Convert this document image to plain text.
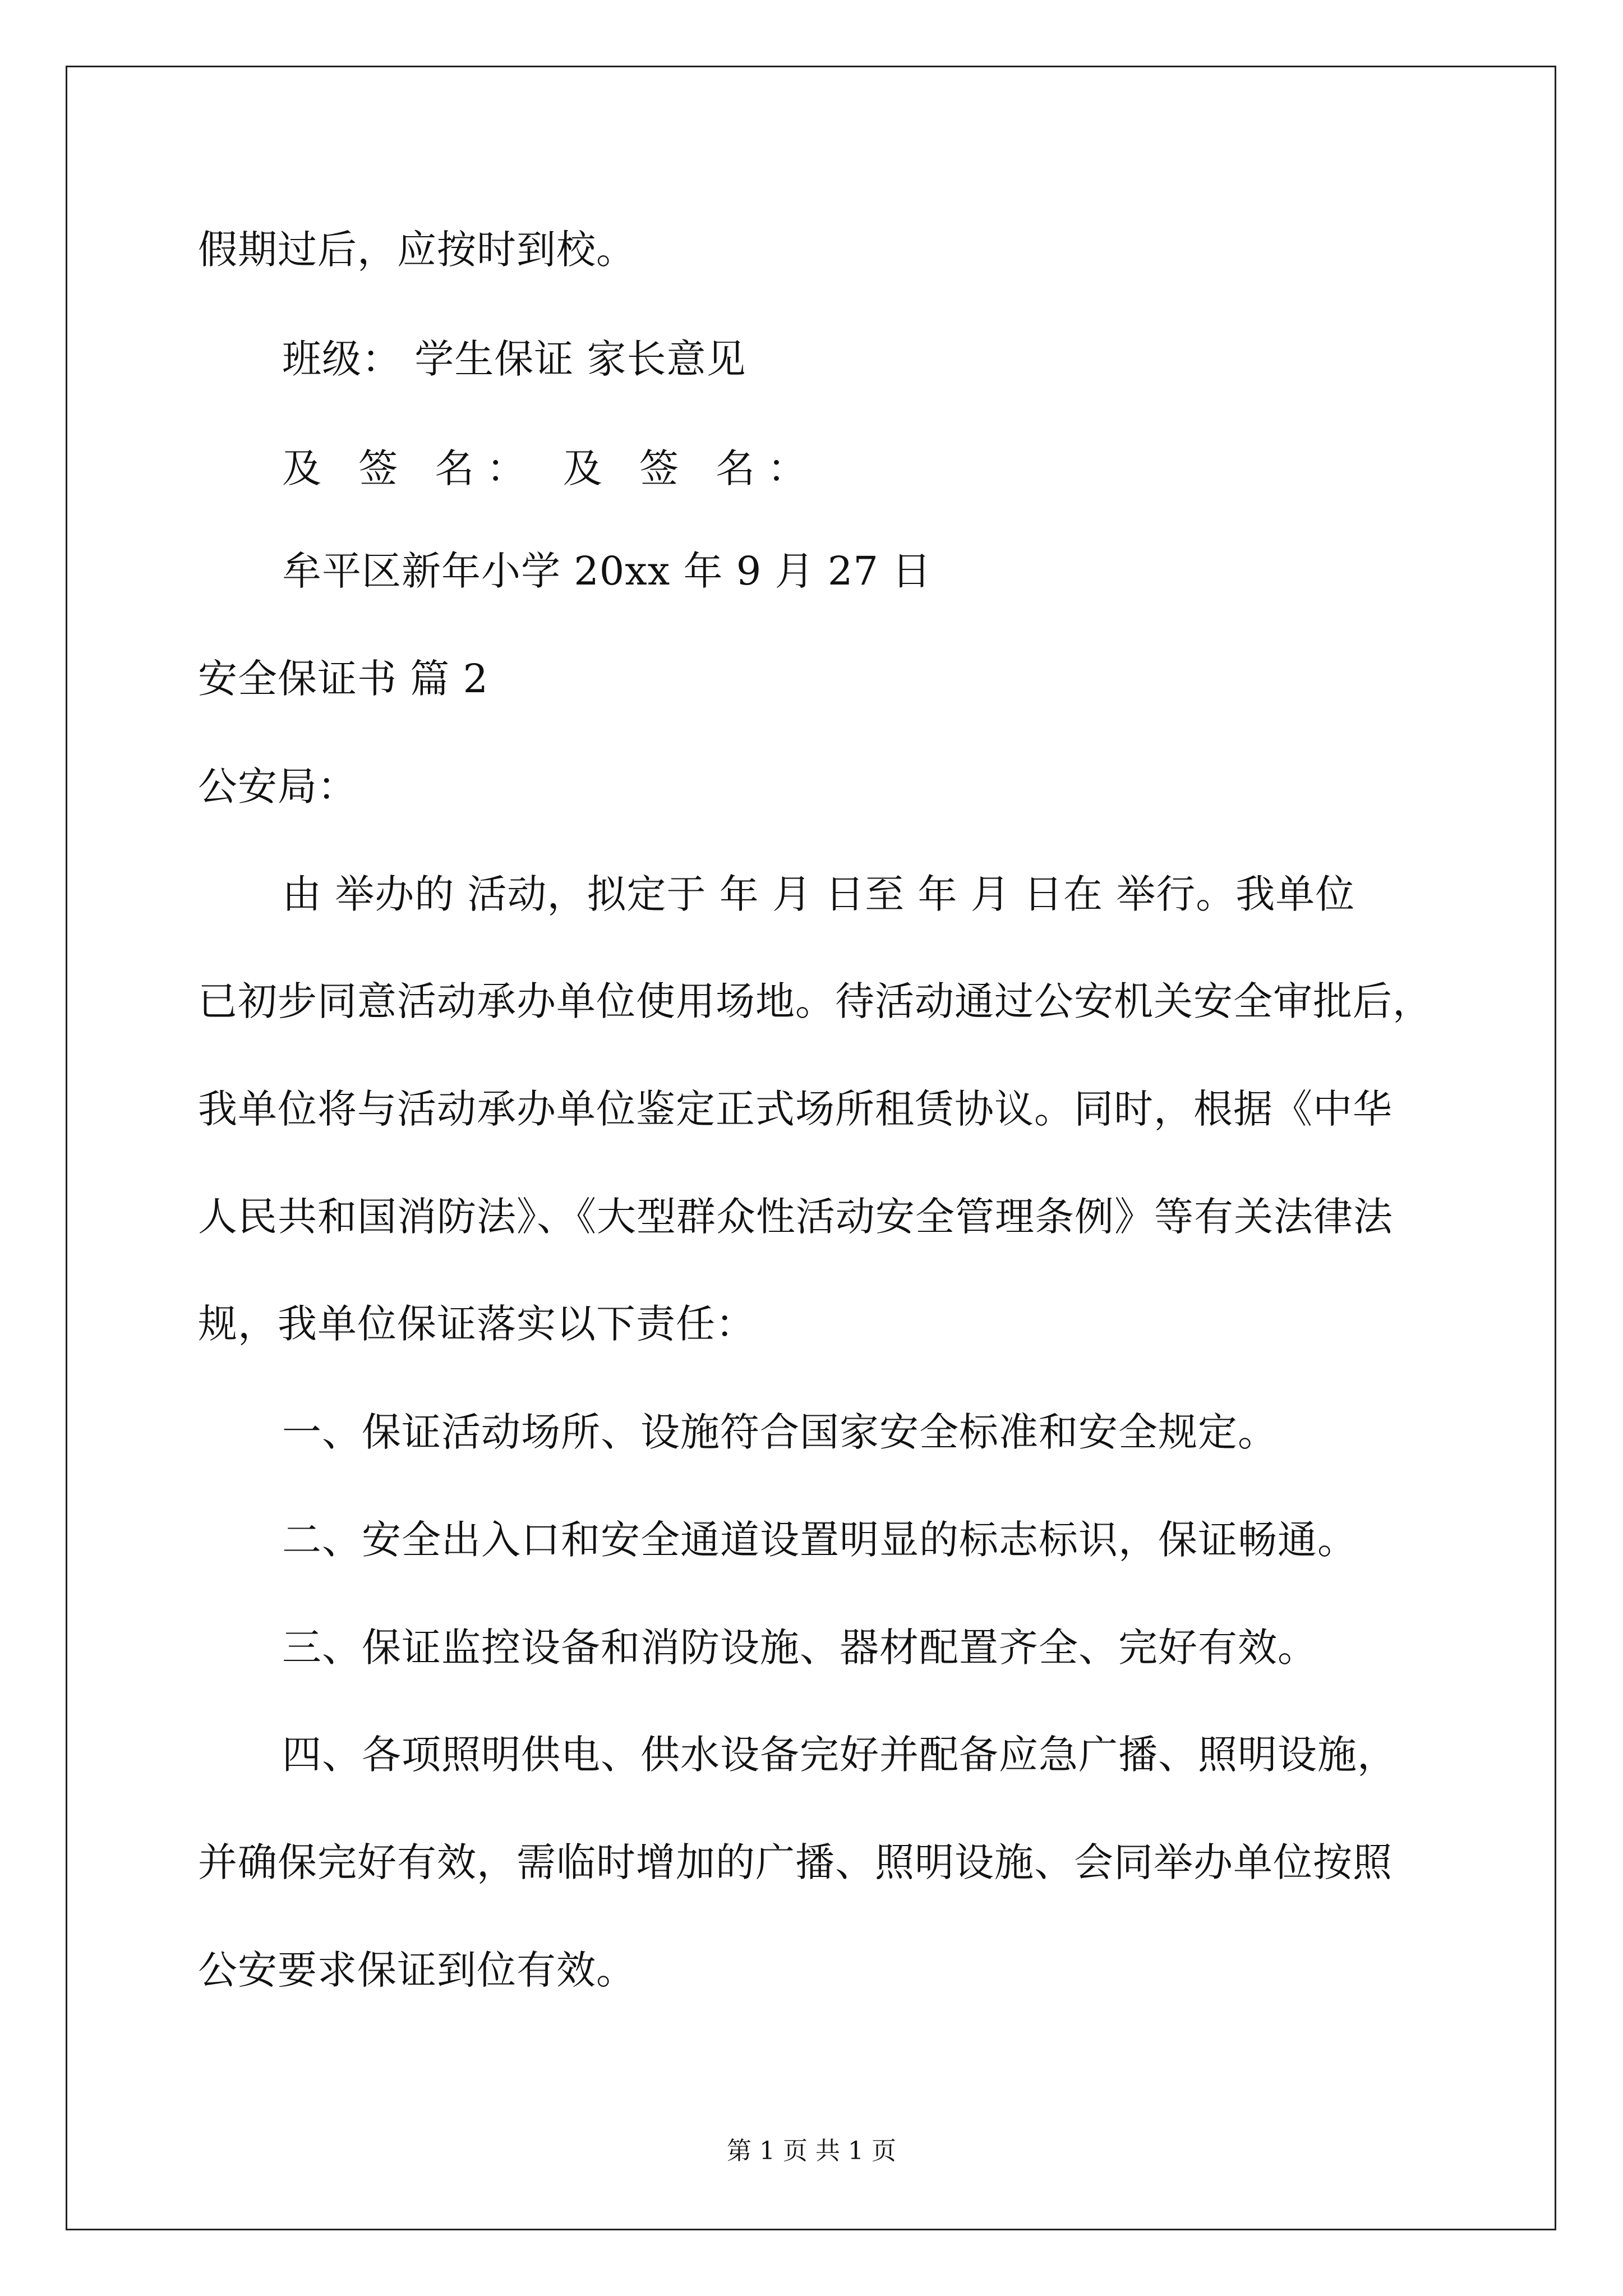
假期过后，应按时到校。
班级： 学生保证 家长意见
及 签 名： 及 签 名：
牟平区新年小学 20xx 年 9 月 27 日
安全保证书 篇 2
公安局：
由 举办的 活动，拟定于 年 月 日至 年 月 日在 举行。我单位
已初步同意活动承办单位使用场地。待活动通过公安机关安全审批后，
我单位将与活动承办单位鉴定正式场所租赁协议。同时，根据《中华
人民共和国消防法》、《大型群众性活动安全管理条例》等有关法律法
规，我单位保证落实以下责任：
一、保证活动场所、设施符合国家安全标准和安全规定。
二、安全出入口和安全通道设置明显的标志标识，保证畅通。
三、保证监控设备和消防设施、器材配置齐全、完好有效。
四、各项照明供电、供水设备完好并配备应急广播、照明设施，
并确保完好有效，需临时增加的广播、照明设施、会同举办单位按照
公安要求保证到位有效。
第 1 页 共 1 页
